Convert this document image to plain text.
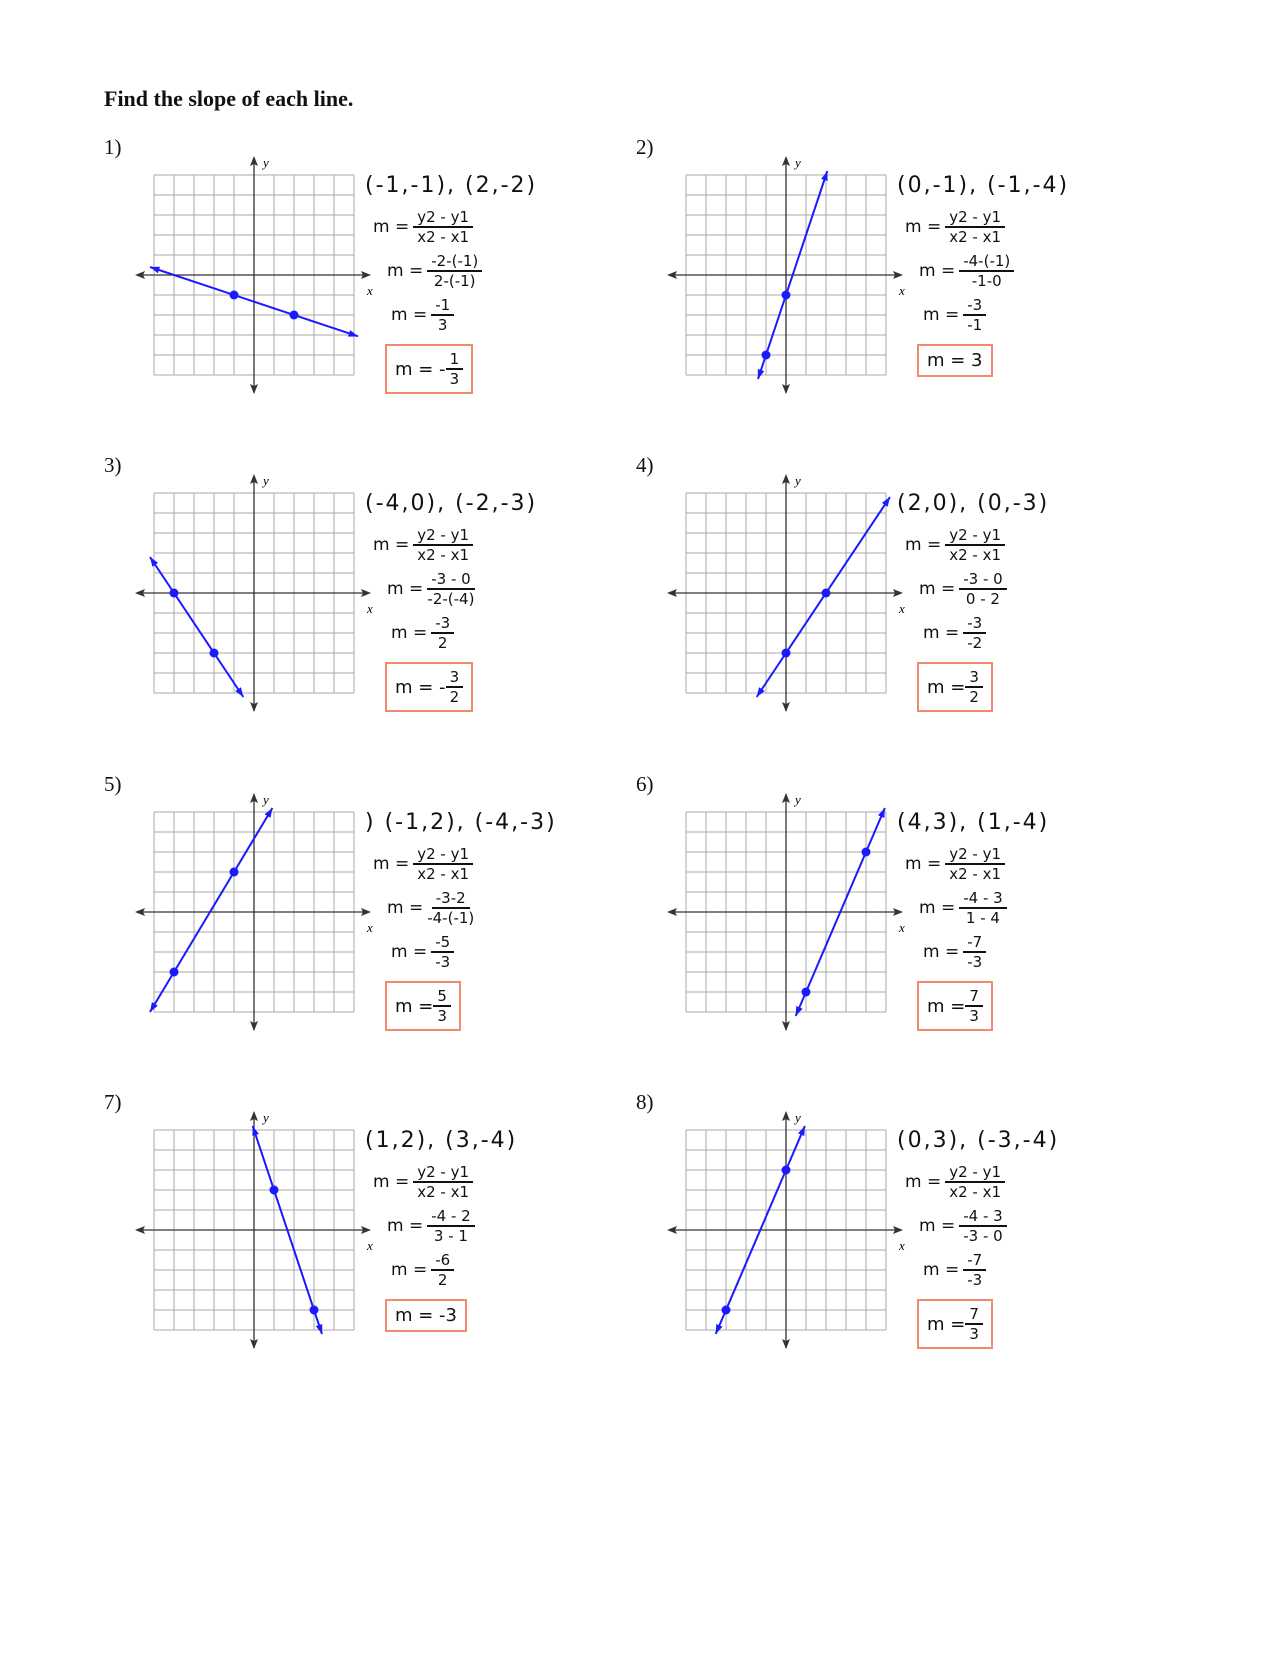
Find the slope of each line.
1)
(-1,-1), (2,-2)
$m = \frac{y2 - y1}{x2 - x1}$
$m = \frac{-2-(-1)}{2-(-1)}$
$m = \frac{-1}{3}$
m = - $\frac{1}{3}$
x
y
2)
(0,-1), (-1,-4)
$m = \frac{y2 - y1}{x2 - x1}$
$m = \frac{-4-(-1)}{-1-0}$
$m = \frac{-3}{-1}$
m = 3
x
y
3)
(-4,0), (-2,-3)
$m = \frac{y2 - y1}{x2 - x1}$
$m = \frac{-3 - 0}{-2-(-4)}$
$m = \frac{-3}{2}$
m = - $\frac{3}{2}$
x
y
4)
(2,0), (0,-3)
$m = \frac{y2 - y1}{x2 - x1}$
$m = \frac{-3 - 0}{0 - 2}$
$m = \frac{-3}{-2}$
$m = \frac{3}{2}$
x
y
5)
) (-1,2), (-4,-3)
$m = \frac{y2 - y1}{x2 - x1}$
$m = \frac{-3-2}{-4-(-1)}$
$m = \frac{-5}{-3}$
$m = \frac{5}{3}$
x
y
6)
(4,3), (1,-4)
$m = \frac{y2 - y1}{x2 - x1}$
$m = \frac{-4 - 3}{1 - 4}$
$m = \frac{-7}{-3}$
$m = \frac{7}{3}$
x
y
7)
(1,2), (3,-4)
$m = \frac{y2 - y1}{x2 - x1}$
$m = \frac{-4 - 2}{3 - 1}$
$m = \frac{-6}{2}$
m = -3
x
y
8)
(0,3), (-3,-4)
$m = \frac{y2 - y1}{x2 - x1}$
$m = \frac{-4 - 3}{-3 - 0}$
$m = \frac{-7}{-3}$
$m = \frac{7}{3}$
x
y
